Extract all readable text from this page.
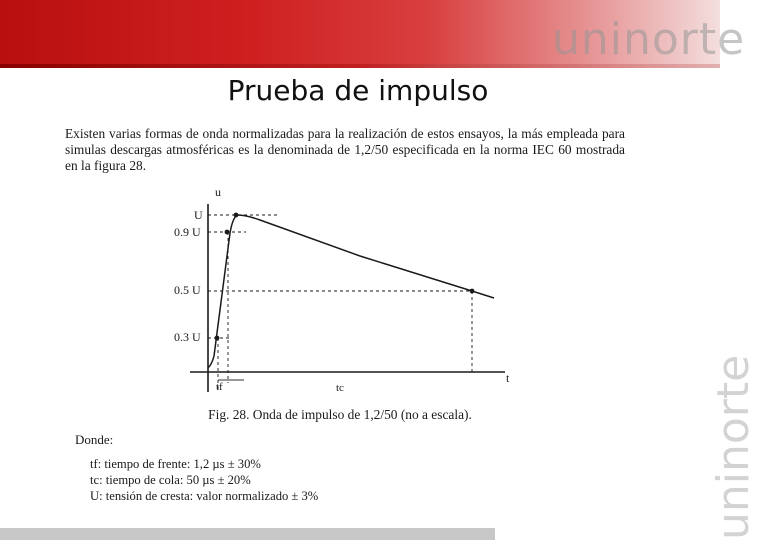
uninorte
uninorte
Prueba de impulso
Existen varias formas de onda normalizadas para la realización de estos ensayos, la más empleada para simulas descargas atmosféricas es la denominada de 1,2/50 especificada en la norma IEC 60 mostrada en la figura 28.
u
t
U
0.9 U
0.5 U
0.3 U
tf	tc
Fig. 28. Onda de impulso de 1,2/50 (no a escala).
Donde:
tf: tiempo de frente: 1,2 µs ± 30%
tc: tiempo de cola: 50 µs ± 20%
U: tensión de cresta: valor normalizado ± 3%
